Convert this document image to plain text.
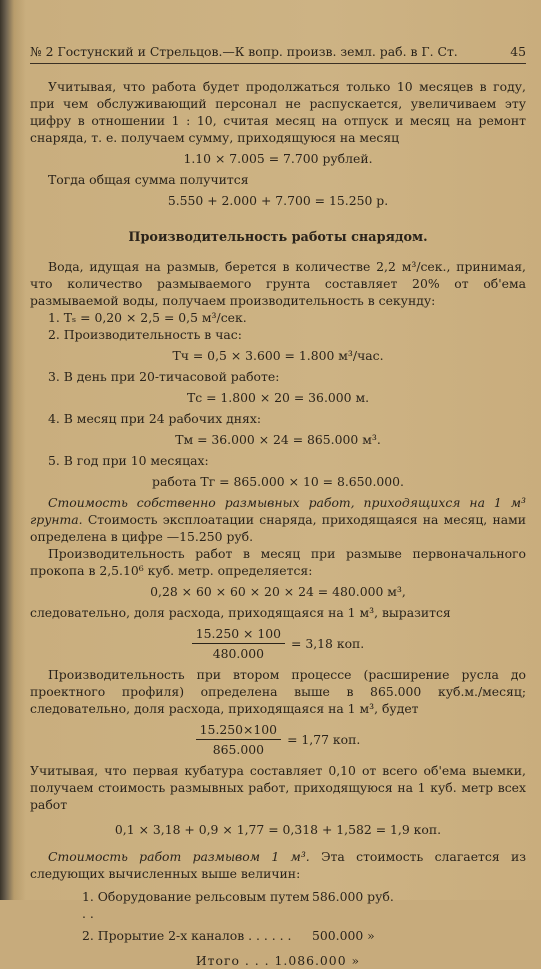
№ 2 Гостунский и Стрельцов.—К вопр. произв. земл. раб. в Г. Ст.	45

Учитывая, что работа будет продолжаться только 10 месяцев в году, при чем обслуживающий персонал не распускается, увеличиваем эту цифру в отношении 1 : 10, считая месяц на отпуск и месяц на ремонт снаряда, т. е. получаем сумму, приходящуюся на месяц

1.10 × 7.005 = 7.700 рублей.

Тогда общая сумма получится

5.550 + 2.000 + 7.700 = 15.250 р.
Производительность работы снарядом.

Вода, идущая на размыв, берется в количестве 2,2 м³/сек., принимая, что количество размываемого грунта составляет 20% от об'ема размываемой воды, получаем производительность в секунду:

1. Тₛ = 0,20 × 2,5 = 0,5 м³/сек.

2. Производительность в час:

Тч = 0,5 × 3.600 = 1.800 м³/час.

3. В день при 20-тичасовой работе:

Тс = 1.800 × 20 = 36.000 м.

4. В месяц при 24 рабочих днях:

Тм = 36.000 × 24 = 865.000 м³.

5. В год при 10 месяцах:

работа Тг = 865.000 × 10 = 8.650.000.

Стоимость собственно размывных работ, приходящихся на 1 м³ грунта. Стоимость эксплоатации снаряда, приходящаяся на месяц, нами определена в цифре —15.250 руб.

Производительность работ в месяц при размыве первоначального прокопа в 2,5.10⁶ куб. метр. определяется:

0,28 × 60 × 60 × 20 × 24 = 480.000 м³,

следовательно, доля расхода, приходящаяся на 1 м³, выразится

$\frac{15.250 \times 100}{480.000} = 3,18$ коп.

Производительность при втором процессе (расширение русла до проектного профиля) определена выше в 865.000 куб.м./месяц; следовательно, доля расхода, приходящаяся на 1 м³, будет

$\frac{15.250\times 100}{865.000} = 1,77$ коп.

Учитывая, что первая кубатура составляет 0,10 от всего об'ема выемки, получаем стоимость размывных работ, приходящуюся на 1 куб. метр всех работ

0,1 × 3,18 + 0,9 × 1,77 = 0,318 + 1,582 = 1,9 коп.

Стоимость работ размывом 1 м³. Эта стоимость слагается из следующих вычисленных выше величин:

1. Оборудование рельсовым путем . .
586.000 руб.
2. Прорытие 2-х каналов . . . . . .	500.000 »
Итого . . . 1.086.000 »
